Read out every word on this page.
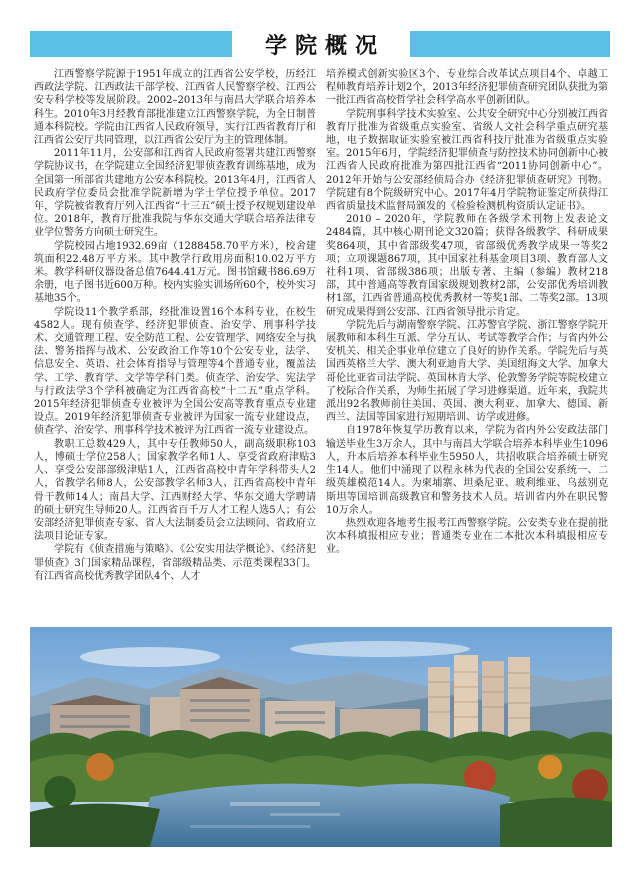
学院概况

江西警察学院源于1951年成立的江西省公安学校，历经江西政法学院、江西政法干部学校、江西省人民警察学校、江西公安专科学校等发展阶段。2002–2013年与南昌大学联合培养本科生。2010年3月经教育部批准建立江西警察学院，为全日制普通本科院校。学院由江西省人民政府领导，实行江西省教育厅和江西省公安厅共同管理，以江西省公安厅为主的管理体制。

2011年11月，公安部和江西省人民政府签署共建江西警察学院协议书，在学院建立全国经济犯罪侦查教育训练基地，成为全国第一所部省共建地方公安本科院校。2013年4月，江西省人民政府学位委员会批准学院新增为学士学位授予单位。2017年，学院被省教育厅列入江西省“十三五”硕士授予权规划建设单位。2018年，教育厅批准我院与华东交通大学联合培养法律专业学位警务方向硕士研究生。

学院校园占地1932.69亩（1288458.70平方米），校舍建筑面积22.48万平方米。其中教学行政用房面积10.02万平方米。教学科研仪器设备总值7644.41万元。图书馆藏书86.69万余册，电子图书近600万种。校内实验实训场所60个，校外实习基地35个。

学院设11个教学系部，经批准设置16个本科专业，在校生4582人。现有侦查学、经济犯罪侦查、治安学、刑事科学技术、交通管理工程、安全防范工程、公安管理学、网络安全与执法、警务指挥与战术、公安政治工作等10个公安专业，法学、信息安全、英语、社会体育指导与管理等4个普通专业，覆盖法学、工学、教育学、文学等学科门类。侦查学、治安学、宪法学与行政法学3个学科被确定为江西省高校“十二五”重点学科。2015年经济犯罪侦查专业被评为全国公安高等教育重点专业建设点。2019年经济犯罪侦查专业被评为国家一流专业建设点，侦查学、治安学、刑事科学技术被评为江西省一流专业建设点。

教职工总数429人，其中专任教师50人，副高级职称103人，博硕士学位258人；国家教学名师1人、享受省政府津贴3人、享受公安部部级津贴1人，江西省高校中青年学科带头人2人，省教学名师8人，公安部教学名师3人、江西省高校中青年骨干教师14人；南昌大学、江西财经大学、华东交通大学聘请的硕士研究生导师20人。江西省百千万人才工程人选5人；有公安部经济犯罪侦查专家、省人大法制委员会立法顾问、省政府立法项目论证专家。

学院有《侦查措施与策略》、《公安实用法学概论》、《经济犯罪侦查》3门国家精品课程，省部级精品类、示范类课程33门。有江西省高校优秀教学团队4个、人才

培养模式创新实验区3个、专业综合改革试点项目4个、卓越工程师教育培养计划2个，2013年经济犯罪侦查研究团队获批为第一批江西省高校哲学社会科学高水平创新团队。

学院刑事科学技术实验室、公共安全研究中心分别被江西省教育厅批准为省级重点实验室、省级人文社会科学重点研究基地，电子数据取证实验室被江西省科技厅批准为省级重点实验室。2015年6月，学院经济犯罪侦查与防控技术协同创新中心被江西省人民政府批准为第四批江西省“2011协同创新中心”。2012年开始与公安部经侦局合办《经济犯罪侦查研究》刊物。学院建有8个院级研究中心。2017年4月学院物证鉴定所获得江西省质量技术监督局颁发的《检验检测机构资质认定证书》。

2010 – 2020年，学院教师在各级学术刊物上发表论文2484篇，其中核心期刊论文320篇；获得各级教学、科研成果奖864项，其中省部级奖47项，省部级优秀教学成果一等奖2项；立项课题867项，其中国家社科基金项目3项、教育部人文社科1项、省部级386项；出版专著、主编（参编）教材218部，其中普通高等教育国家级规划教材2部，公安部优秀培训教材1部，江西省普通高校优秀教材一等奖1部、二等奖2部。13项研究成果得到公安部、江西省领导批示肯定。

学院先后与湖南警察学院、江苏警官学院、浙江警察学院开展教师和本科生互派、学分互认、考试等教学合作；与省内外公安机关、相关企事业单位建立了良好的协作关系。学院先后与英国西英格兰大学、澳大利亚迪肯大学、美国纽海文大学、加拿大哥伦比亚省司法学院、英国林肯大学、伦敦警务学院等院校建立了校际合作关系，为师生拓展了学习进修渠道。近年来，我院共派出92名教师前往美国、英国、澳大利亚、加拿大、德国、新西兰、法国等国家进行短期培训、访学或进修。

自1978年恢复学历教育以来，学院为省内外公安政法部门输送毕业生3万余人，其中与南昌大学联合培养本科毕业生1096人，升本后培养本科毕业生5950人，共招收联合培养硕士研究生14人。他们中涌现了以程永林为代表的全国公安系统一、二级英雄模范14人。为柬埔寨、坦桑尼亚、玻利维亚、乌兹别克斯坦等国培训高级教官和警务技术人员。培训省内外在职民警10万余人。

热烈欢迎各地考生报考江西警察学院。公安类专业在提前批次本科填报相应专业；普通类专业在二本批次本科填报相应专业。
